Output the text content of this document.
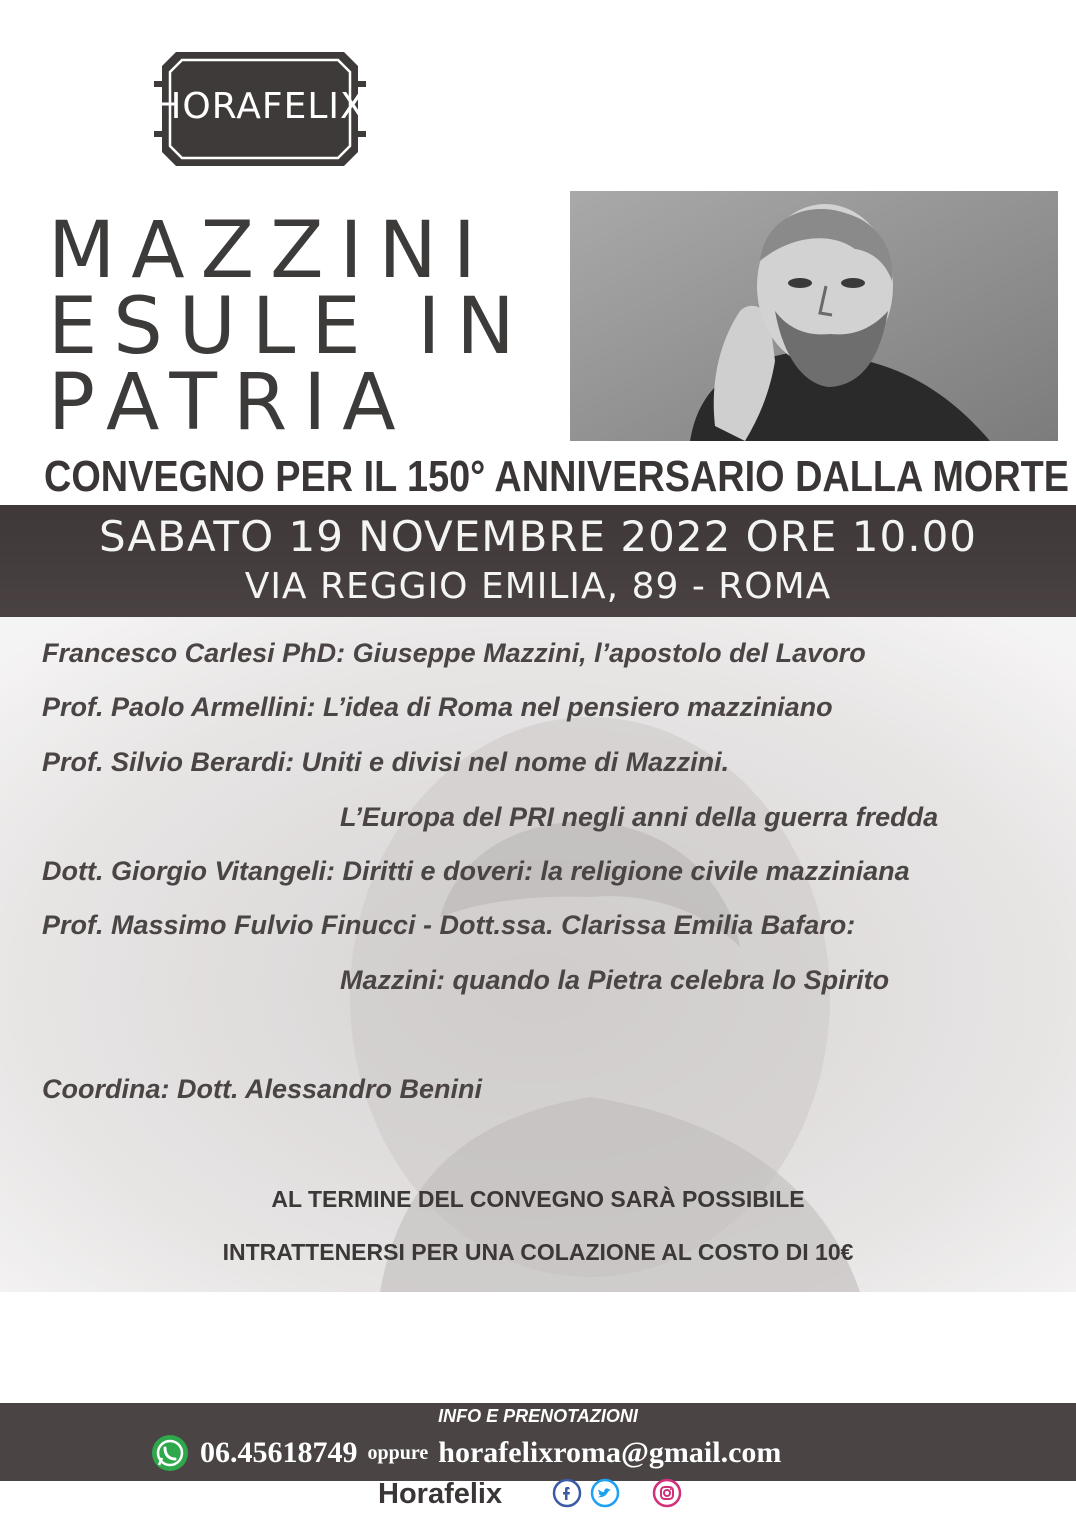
HORAFELIX
MAZZINI
ESULE IN
PATRIA
CONVEGNO PER IL 150° ANNIVERSARIO DALLA MORTE
SABATO 19 NOVEMBRE 2022 ORE 10.00
VIA REGGIO EMILIA, 89 - ROMA
Francesco Carlesi PhD: Giuseppe Mazzini, l’apostolo del Lavoro
Prof. Paolo Armellini: L’idea di Roma nel pensiero mazziniano
Prof. Silvio Berardi: Uniti e divisi nel nome di Mazzini.
L’Europa del PRI negli anni della guerra fredda
Dott. Giorgio Vitangeli: Diritti e doveri: la religione civile mazziniana
Prof. Massimo Fulvio Finucci - Dott.ssa. Clarissa Emilia Bafaro:
Mazzini: quando la Pietra celebra lo Spirito
Coordina: Dott. Alessandro Benini
AL TERMINE DEL CONVEGNO SARÀ POSSIBILE
INTRATTENERSI PER UNA COLAZIONE AL COSTO DI 10€
INFO E PRENOTAZIONI
06.45618749 oppure horafelixroma@gmail.com
Horafelix
